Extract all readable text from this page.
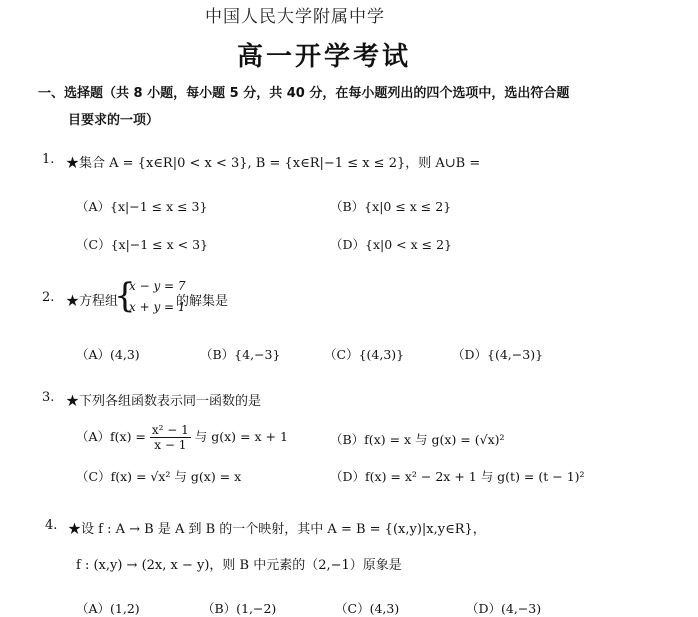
中国人民大学附属中学
高一开学考试
一、选择题（共 8 小题，每小题 5 分，共 40 分，在每小题列出的四个选项中，选出符合题
目要求的一项）
1. ★集合 A = {x∈R|0 < x < 3}, B = {x∈R|−1 ≤ x ≤ 2}，则 A∪B =
（A）{x|−1 ≤ x ≤ 3}	（B）{x|0 ≤ x ≤ 2}
（C）{x|−1 ≤ x < 3}	（D）{x|0 < x ≤ 2}
2. ★方程组
{
x − y = 7
x + y = 1
的解集是
（A）(4,3)	（B）{4,−3}	（C）{(4,3)}	（D）{(4,−3)}
3. ★下列各组函数表示同一函数的是
$(A)f(x) = \frac{\text{x² − 1}}{x - 1}$ 与 g(x) = x + 1	（B）f(x) = x 与 g(x) = (√x)²
（C）f(x) = √x² 与 g(x) = x	（D）f(x) = x² − 2x + 1 与 g(t) = (t − 1)²
4. ★设 f : A → B 是 A 到 B 的一个映射，其中 A = B = {(x,y)|x,y∈R}，
f : (x,y) → (2x, x − y)，则 B 中元素的（2,−1）原象是
（A）(1,2)	（B）(1,−2)	（C）(4,3)	（D）(4,−3)
